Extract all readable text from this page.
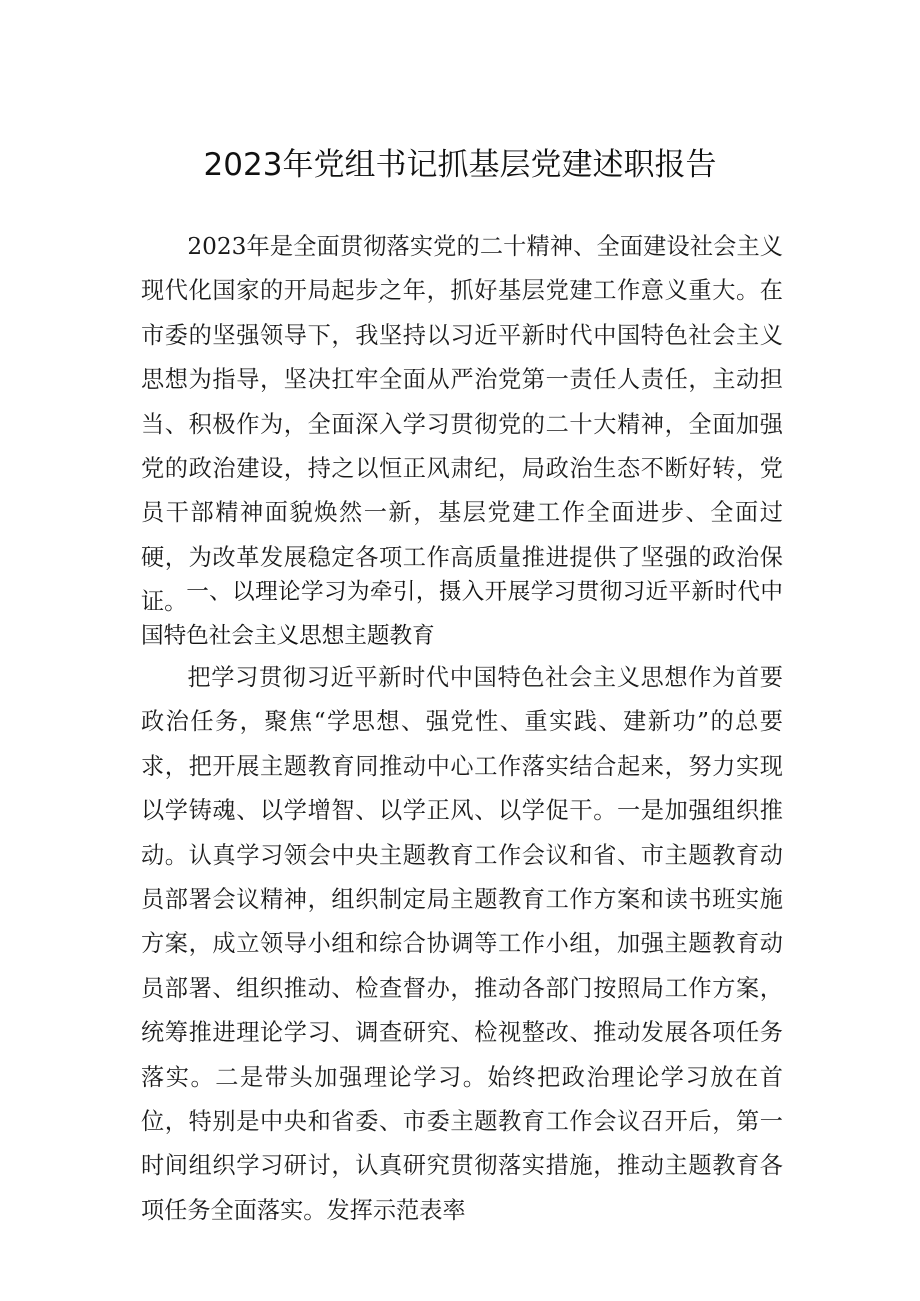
2023年党组书记抓基层党建述职报告

2023年是全面贯彻落实党的二十精神、全面建设社会主义现代化国家的开局起步之年，抓好基层党建工作意义重大。在市委的坚强领导下，我坚持以习近平新时代中国特色社会主义思想为指导，坚决扛牢全面从严治党第一责任人责任，主动担当、积极作为，全面深入学习贯彻党的二十大精神，全面加强党的政治建设，持之以恒正风肃纪，局政治生态不断好转，党员干部精神面貌焕然一新，基层党建工作全面进步、全面过硬，为改革发展稳定各项工作高质量推进提供了坚强的政治保证。

一、以理论学习为牵引，摄入开展学习贯彻习近平新时代中国特色社会主义思想主题教育

把学习贯彻习近平新时代中国特色社会主义思想作为首要政治任务，聚焦“学思想、强党性、重实践、建新功”的总要求，把开展主题教育同推动中心工作落实结合起来，努力实现以学铸魂、以学增智、以学正风、以学促干。一是加强组织推动。认真学习领会中央主题教育工作会议和省、市主题教育动员部署会议精神，组织制定局主题教育工作方案和读书班实施方案，成立领导小组和综合协调等工作小组，加强主题教育动员部署、组织推动、检查督办，推动各部门按照局工作方案，统筹推进理论学习、调查研究、检视整改、推动发展各项任务落实。二是带头加强理论学习。始终把政治理论学习放在首位，特别是中央和省委、市委主题教育工作会议召开后，第一时间组织学习研讨，认真研究贯彻落实措施，推动主题教育各项任务全面落实。发挥示范表率
